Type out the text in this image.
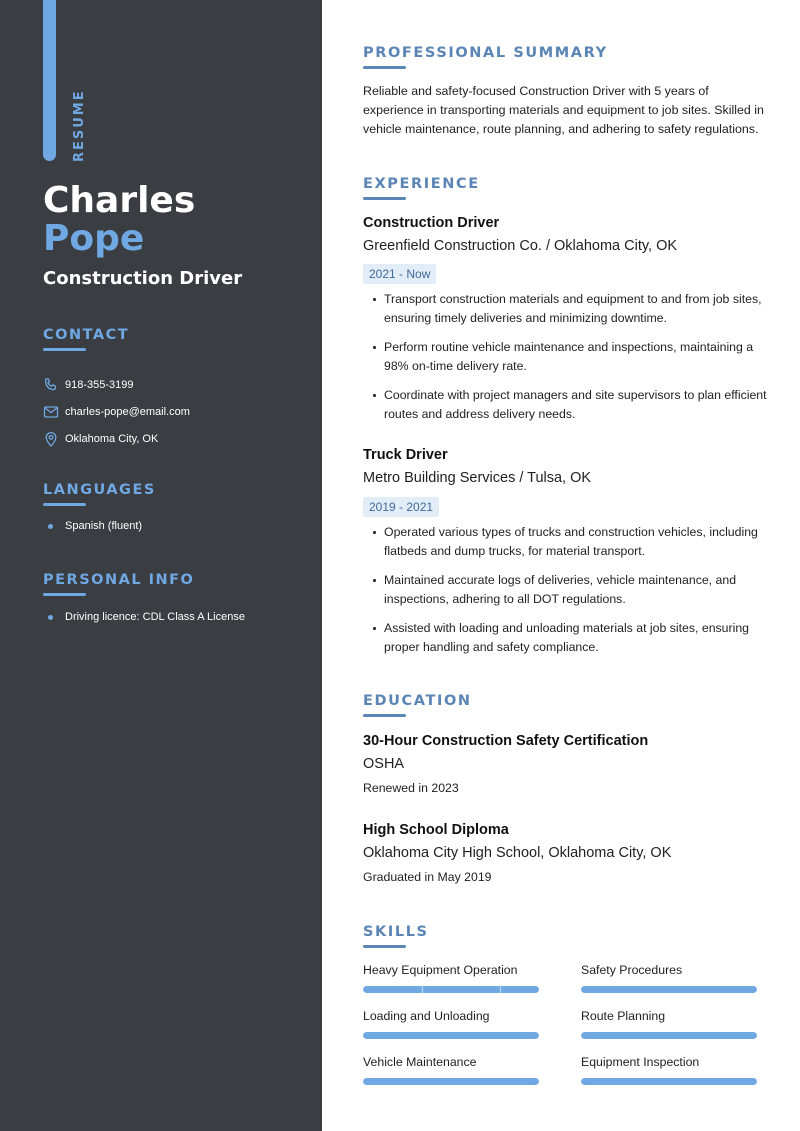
RESUME
Charles
Pope
Construction Driver
CONTACT
918-355-3199
charles-pope@email.com
Oklahoma City, OK
LANGUAGES
Spanish (fluent)
PERSONAL INFO
Driving licence: CDL Class A License
PROFESSIONAL SUMMARY

Reliable and safety-focused Construction Driver with 5 years of experience in transporting materials and equipment to job sites. Skilled in vehicle maintenance, route planning, and adhering to safety regulations.

EXPERIENCE
Construction Driver
Greenfield Construction Co. / Oklahoma City, OK
2021 - Now
Transport construction materials and equipment to and from job sites, ensuring timely deliveries and minimizing downtime.
Perform routine vehicle maintenance and inspections, maintaining a 98% on-time delivery rate.
Coordinate with project managers and site supervisors to plan efficient routes and address delivery needs.
Truck Driver
Metro Building Services / Tulsa, OK
2019 - 2021
Operated various types of trucks and construction vehicles, including flatbeds and dump trucks, for material transport.
Maintained accurate logs of deliveries, vehicle maintenance, and inspections, adhering to all DOT regulations.
Assisted with loading and unloading materials at job sites, ensuring proper handling and safety compliance.
EDUCATION
30-Hour Construction Safety Certification
OSHA
Renewed in 2023
High School Diploma
Oklahoma City High School, Oklahoma City, OK
Graduated in May 2019
SKILLS
Heavy Equipment Operation	Safety Procedures
Loading and Unloading	Route Planning
Vehicle Maintenance	Equipment Inspection
